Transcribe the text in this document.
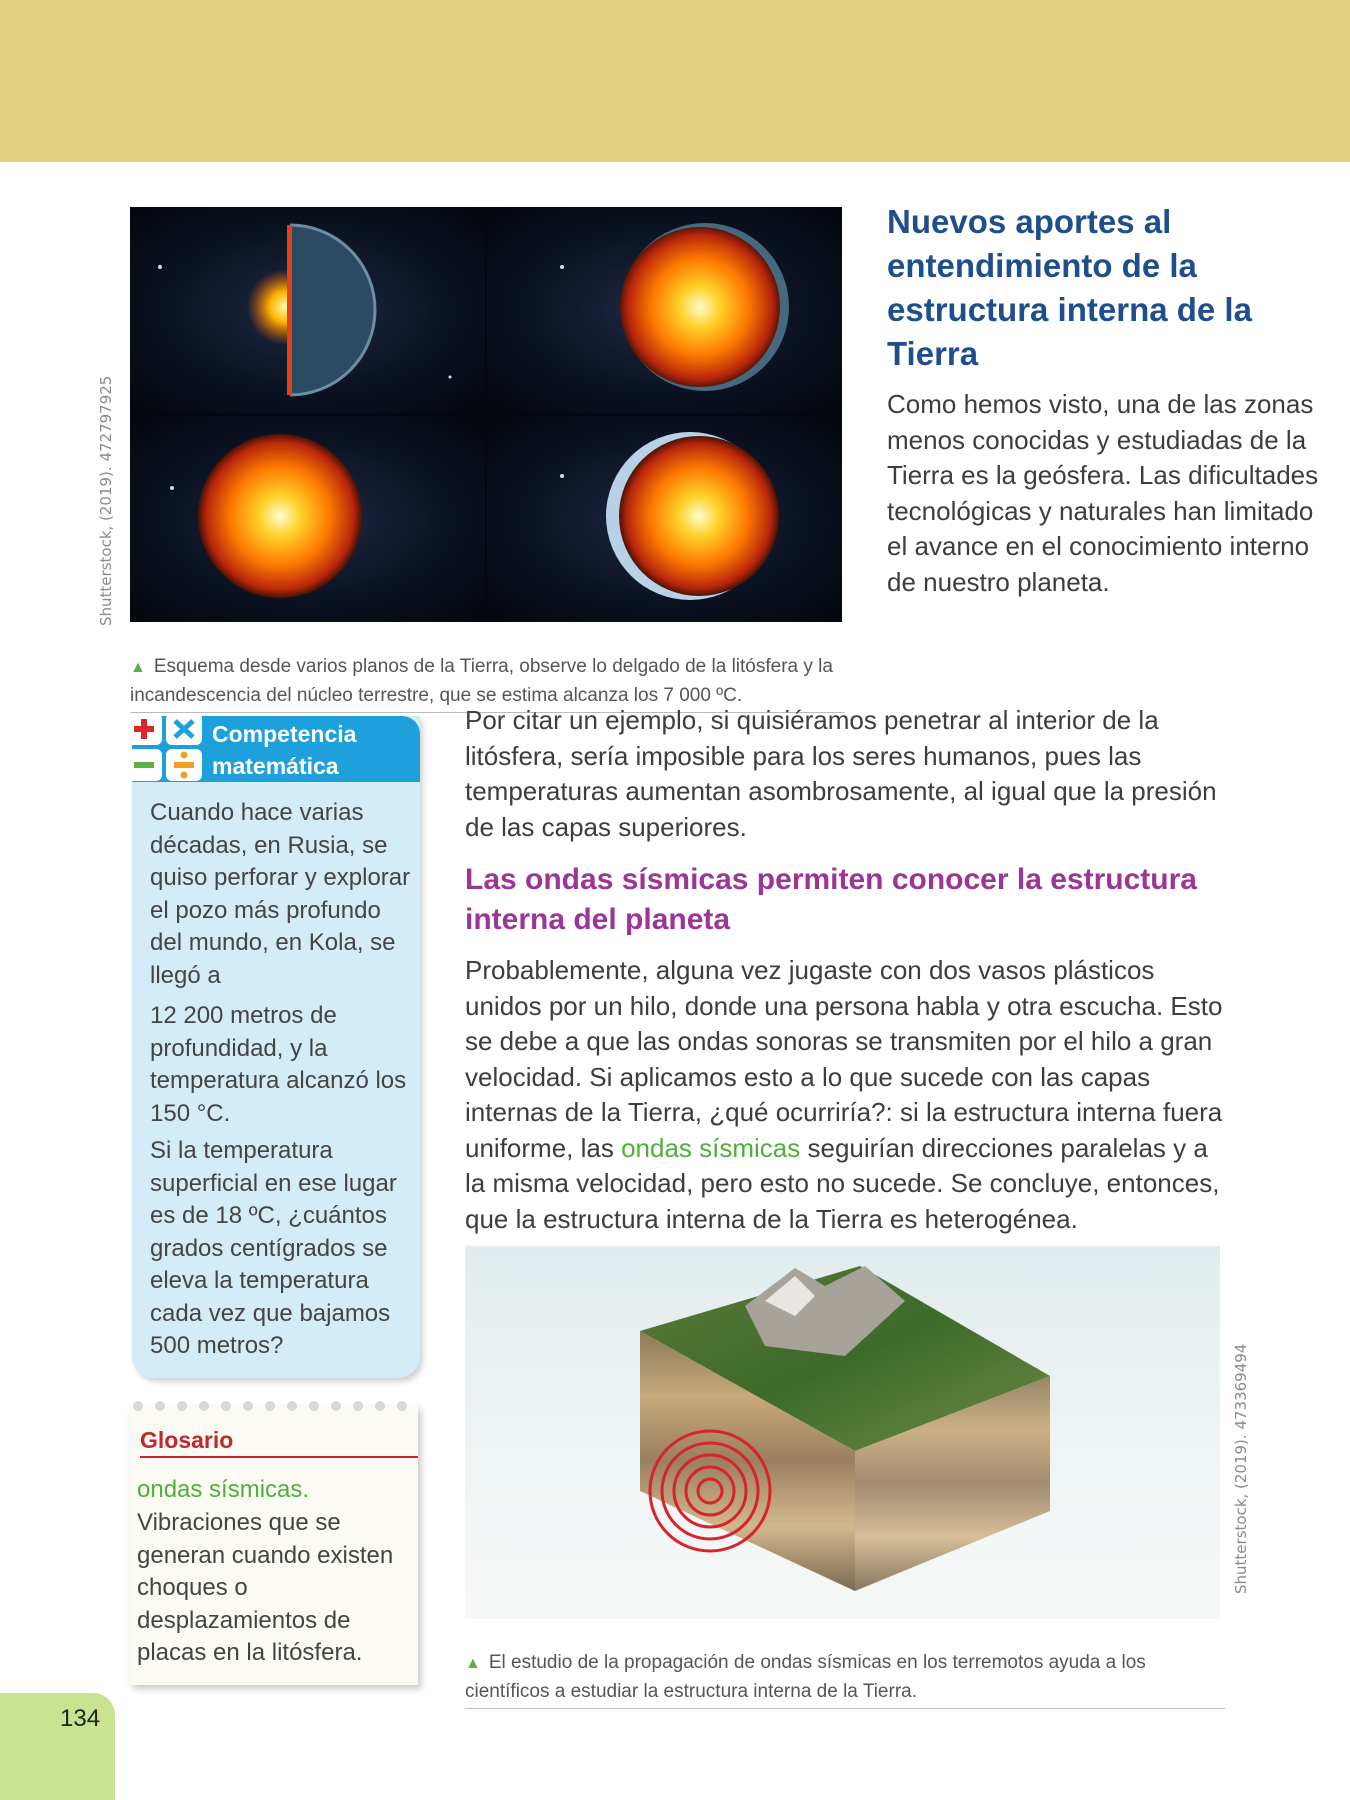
Shutterstock, (2019). 472797925
Shutterstock, (2019). 473369494

▲ Esquema desde varios planos de la Tierra, observe lo delgado de la litósfera y la incandescencia del núcleo terrestre, que se estima alcanza los 7 000 ºC.

Nuevos aportes al entendimiento de la estructura interna de la Tierra

Como hemos visto, una de las zonas menos conocidas y estudiadas de la Tierra es la geósfera. Las dificultades tecnológicas y naturales han limitado el avance en el conocimiento interno de nuestro planeta.

Por citar un ejemplo, si quisiéramos penetrar al interior de la litósfera, sería imposible para los seres humanos, pues las temperaturas aumentan asombrosamente, al igual que la presión de las capas superiores.

Las ondas sísmicas permiten conocer la estructura interna del planeta

Probablemente, alguna vez jugaste con dos vasos plásticos unidos por un hilo, donde una persona habla y otra escucha. Esto se debe a que las ondas sonoras se transmiten por el hilo a gran velocidad. Si aplicamos esto a lo que sucede con las capas internas de la Tierra, ¿qué ocurriría?: si la estructura interna fuera uniforme, las ondas sísmicas seguirían direcciones paralelas y a la misma velocidad, pero esto no sucede. Se concluye, entonces, que la estructura interna de la Tierra es heterogénea.

Competencia matemática

Cuando hace varias décadas, en Rusia, se quiso perforar y explorar el pozo más profundo del mundo, en Kola, se llegó a

12 200 metros de profundidad, y la temperatura alcanzó los 150 °C.

Si la temperatura superficial en ese lugar es de 18 ºC, ¿cuántos grados centígrados se eleva la temperatura cada vez que bajamos 500 metros?

Glosario

ondas sísmicas.

Vibraciones que se generan cuando existen choques o desplazamientos de placas en la litósfera.	▲ El estudio de la propagación de ondas sísmicas en los terremotos ayuda a los científicos a estudiar la estructura interna de la Tierra.

134
